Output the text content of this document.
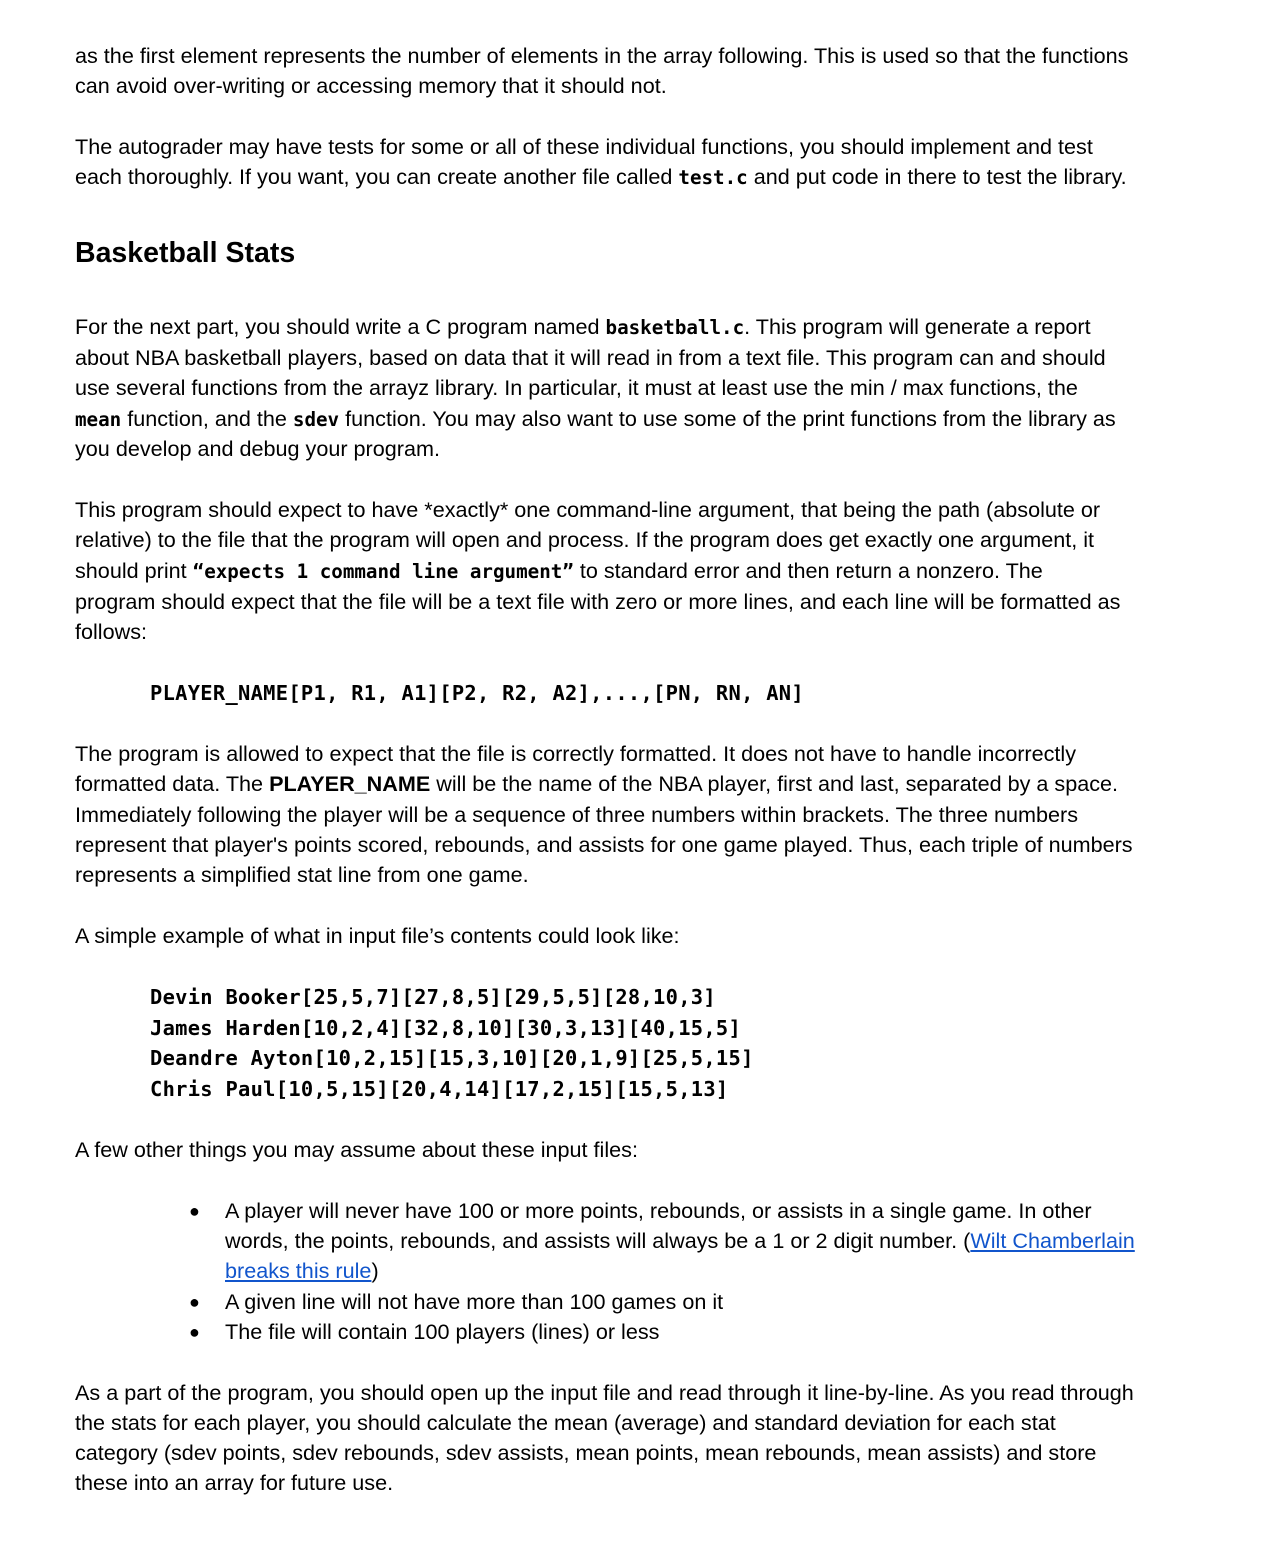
as the first element represents the number of elements in the array following. This is used so that the functions
can avoid over-writing or accessing memory that it should not.
The autograder may have tests for some or all of these individual functions, you should implement and test
each thoroughly. If you want, you can create another file called test.c and put code in there to test the library.
Basketball Stats
For the next part, you should write a C program named basketball.c. This program will generate a report
about NBA basketball players, based on data that it will read in from a text file. This program can and should
use several functions from the arrayz library. In particular, it must at least use the min / max functions, the
mean function, and the sdev function. You may also want to use some of the print functions from the library as
you develop and debug your program.
This program should expect to have *exactly* one command-line argument, that being the path (absolute or
relative) to the file that the program will open and process. If the program does get exactly one argument, it
should print “expects 1 command line argument” to standard error and then return a nonzero. The
program should expect that the file will be a text file with zero or more lines, and each line will be formatted as
follows:
PLAYER_NAME[P1, R1, A1][P2, R2, A2],...,[PN, RN, AN]
The program is allowed to expect that the file is correctly formatted. It does not have to handle incorrectly
formatted data. The PLAYER_NAME will be the name of the NBA player, first and last, separated by a space.
Immediately following the player will be a sequence of three numbers within brackets. The three numbers
represent that player's points scored, rebounds, and assists for one game played. Thus, each triple of numbers
represents a simplified stat line from one game.
A simple example of what in input file’s contents could look like:
Devin Booker[25,5,7][27,8,5][29,5,5][28,10,3]
James Harden[10,2,4][32,8,10][30,3,13][40,15,5]
Deandre Ayton[10,2,15][15,3,10][20,1,9][25,5,15]
Chris Paul[10,5,15][20,4,14][17,2,15][15,5,13]
A few other things you may assume about these input files:
● A player will never have 100 or more points, rebounds, or assists in a single game. In other
words, the points, rebounds, and assists will always be a 1 or 2 digit number. (Wilt Chamberlain
breaks this rule)
● A given line will not have more than 100 games on it
● The file will contain 100 players (lines) or less
As a part of the program, you should open up the input file and read through it line-by-line. As you read through
the stats for each player, you should calculate the mean (average) and standard deviation for each stat
category (sdev points, sdev rebounds, sdev assists, mean points, mean rebounds, mean assists) and store
these into an array for future use.
